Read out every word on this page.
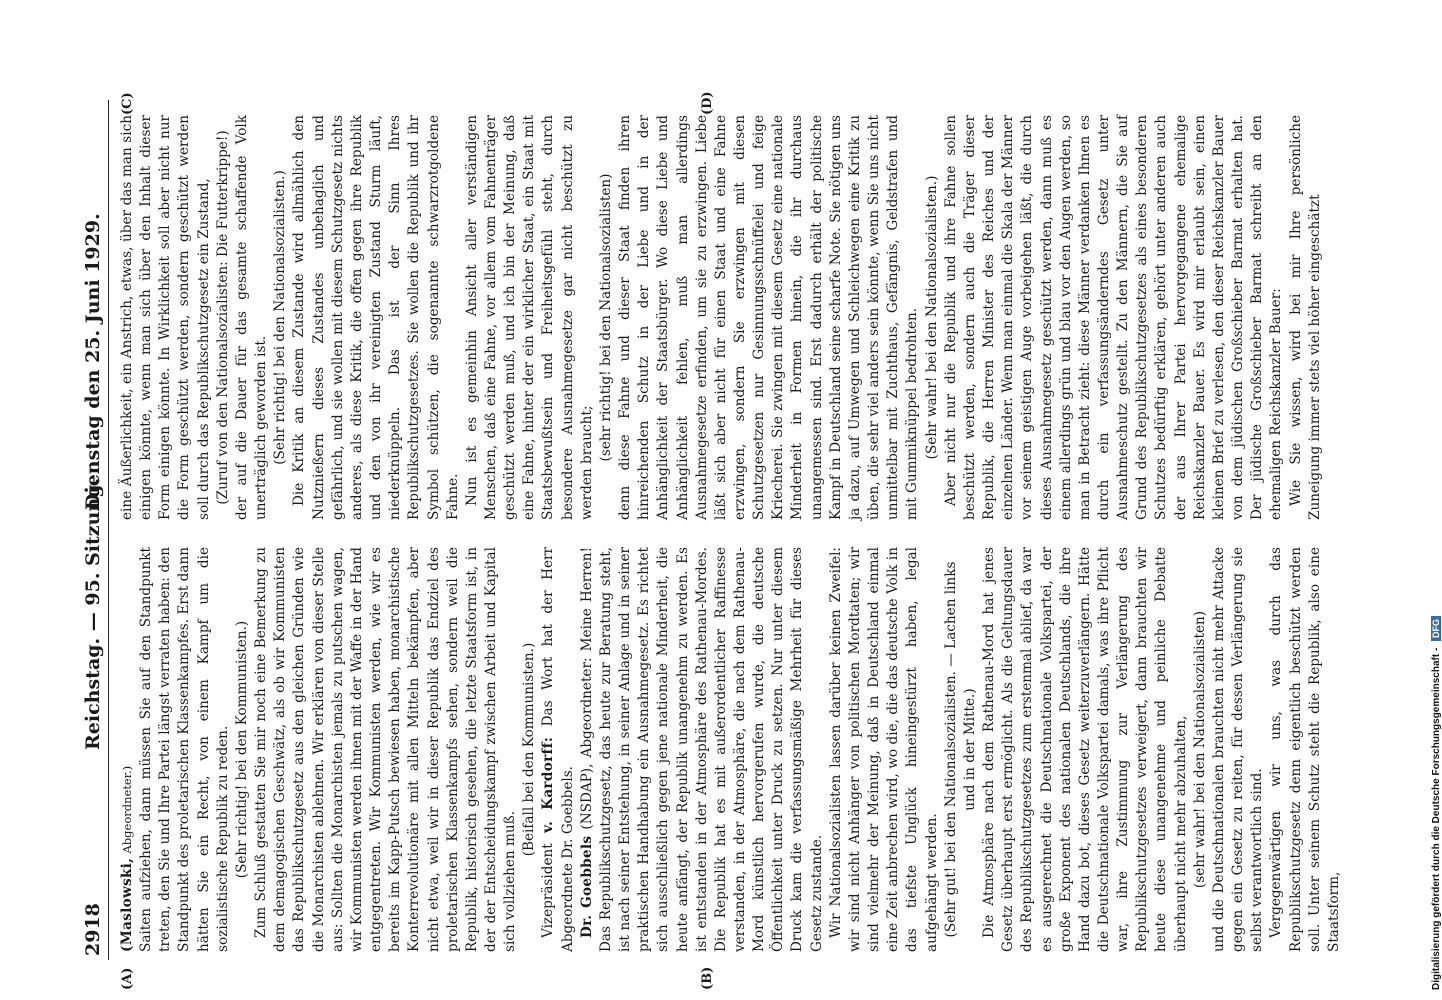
2918
Reichstag. — 95. Sitzung.
Dienstag den 25. Juni 1929.
(A)	(B)
(C)	(D)

(Maslowski, Abgeordneter.) Saiten aufziehen, dann müssen Sie auf den Standpunkt treten, den Sie und Ihre Partei längst verraten haben: den Standpunkt des proletarischen Klassenkampfes. Erst dann hätten Sie ein Recht, von einem Kampf um die sozialistische Republik zu reden. (Sehr richtig! bei den Kommunisten.) Zum Schluß gestatten Sie mir noch eine Bemerkung zu dem demagogischen Geschwätz, als ob wir Kommunisten das Republikschutzgesetz aus den gleichen Gründen wie die Monarchisten ablehnen. Wir erklären von dieser Stelle aus: Sollten die Monarchisten jemals zu putschen wagen, wir Kommunisten werden ihnen mit der Waffe in der Hand entgegentreten. Wir Kommunisten werden, wie wir es bereits im Kapp-Putsch bewiesen haben, monarchistische Konterrevolutionäre mit allen Mitteln bekämpfen, aber nicht etwa, weil wir in dieser Republik das Endziel des proletarischen Klassenkampfs sehen, sondern weil die Republik, historisch gesehen, die letzte Staatsform ist, in der der Entscheidungskampf zwischen Arbeit und Kapital sich vollziehen muß.

(Beifall bei den Kommunisten.)

Vizepräsident v. Kardorff: Das Wort hat der Herr Abgeordnete Dr. Goebbels. Dr. Goebbels (NSDAP), Abgeordneter: Meine Herren! Das Republikschutzgesetz, das heute zur Beratung steht, ist nach seiner Entstehung, in seiner Anlage und in seiner praktischen Handhabung ein Ausnahmegesetz. Es richtet sich ausschließlich gegen jene nationale Minderheit, die heute anfängt, der Republik unangenehm zu werden. Es ist entstanden in der Atmosphäre des Rathenau-Mordes. Die Republik hat es mit außerordentlicher Raffinesse verstanden, in der Atmosphäre, die nach dem Rathenau-Mord künstlich hervorgerufen wurde, die deutsche Öffentlichkeit unter Druck zu setzen. Nur unter diesem Druck kam die verfassungsmäßige Mehrheit für dieses Gesetz zustande. Wir Nationalsozialisten lassen darüber keinen Zweifel: wir sind nicht Anhänger von politischen Mordtaten; wir sind vielmehr der Meinung, daß in Deutschland einmal eine Zeit anbrechen wird, wo die, die das deutsche Volk in das tiefste Unglück hineingestürzt haben, legal aufgehängt werden. (Sehr gut! bei den Nationalsozialisten. — Lachen links und in der Mitte.) Die Atmosphäre nach dem Rathenau-Mord hat jenes Gesetz überhaupt erst ermöglicht. Als die Geltungsdauer des Republikschutzgesetzes zum erstenmal ablief, da war es ausgerechnet die Deutschnationale Volkspartei, der große Exponent des nationalen Deutschlands, die ihre Hand dazu bot, dieses Gesetz weiterzuverlängern. Hätte die Deutschnationale Volkspartei damals, was ihre Pflicht war, ihre Zustimmung zur Verlängerung des Republikschutzgesetzes verweigert, dann brauchten wir heute diese unangenehme und peinliche Debatte überhaupt nicht mehr abzuhalten, (sehr wahr! bei den Nationalsozialisten) und die Deutschnationalen brauchten nicht mehr Attacke gegen ein Gesetz zu reiten, für dessen Verlängerung sie selbst verantwortlich sind. Vergegenwärtigen wir uns, was durch das Republikschutzgesetz denn eigentlich beschützt werden soll. Unter seinem Schutz steht die Republik, also eine Staatsform,

eine Äußerlichkeit, ein Anstrich, etwas, über das man sich einigen könnte, wenn man sich über den Inhalt dieser Form einigen könnte. In Wirklichkeit soll aber nicht nur die Form geschützt werden, sondern geschützt werden soll durch das Republikschutzgesetz ein Zustand, (Zuruf von den Nationalsozialisten: Die Futterkrippe!) der auf die Dauer für das gesamte schaffende Volk unerträglich geworden ist. (Sehr richtig! bei den Nationalsozialisten.) Die Kritik an diesem Zustande wird allmählich den Nutznießern dieses Zustandes unbehaglich und gefährlich, und sie wollen mit diesem Schutzgesetz nichts anderes, als diese Kritik, die offen gegen ihre Republik und den von ihr vereinigten Zustand Sturm läuft, niederknüppeln. Das ist der Sinn Ihres Republikschutzgesetzes. Sie wollen die Republik und ihr Symbol schützen, die sogenannte schwarzrotgoldene Fahne. Nun ist es gemeinhin Ansicht aller verständigen Menschen, daß eine Fahne, vor allem vom Fahnenträger geschützt werden muß, und ich bin der Meinung, daß eine Fahne, hinter der ein wirklicher Staat, ein Staat mit Staatsbewußtsein und Freiheitsgefühl steht, durch besondere Ausnahmegesetze gar nicht beschützt zu werden braucht;

(sehr richtig! bei den Nationalsozialisten) denn diese Fahne und dieser Staat finden ihren hinreichenden Schutz in der Liebe und in der Anhänglichkeit der Staatsbürger. Wo diese Liebe und Anhänglichkeit fehlen, muß man allerdings Ausnahmegesetze erfinden, um sie zu erzwingen. Liebe läßt sich aber nicht für einen Staat und eine Fahne erzwingen, sondern Sie erzwingen mit diesen Schutzgesetzen nur Gesinnungsschnüffelei und feige Kriecherei. Sie zwingen mit diesem Gesetz eine nationale Minderheit in Formen hinein, die ihr durchaus unangemessen sind. Erst dadurch erhält der politische Kampf in Deutschland seine scharfe Note. Sie nötigen uns ja dazu, auf Umwegen und Schleichwegen eine Kritik zu üben, die sehr viel anders sein könnte, wenn Sie uns nicht unmittelbar mit Zuchthaus, Gefängnis, Geldstrafen und mit Gummiknüppel bedrohten. (Sehr wahr! bei den Nationalsozialisten.) Aber nicht nur die Republik und ihre Fahne sollen beschützt werden, sondern auch die Träger dieser Republik, die Herren Minister des Reiches und der einzelnen Länder. Wenn man einmal die Skala der Männer vor seinem geistigen Auge vorbeigehen läßt, die durch dieses Ausnahmegesetz geschützt werden, dann muß es einem allerdings grün und blau vor den Augen werden, so man in Betracht zieht: diese Männer verdanken Ihnen es durch ein verfassungsänderndes Gesetz unter Ausnahmeschutz gestellt. Zu den Männern, die Sie auf Grund des Republikschutzgesetzes als eines besonderen Schutzes bedürftig erklären, gehört unter anderen auch der aus Ihrer Partei hervorgegangene ehemalige Reichskanzler Bauer. Es wird mir erlaubt sein, einen kleinen Brief zu verlesen, den dieser Reichskanzler Bauer von dem jüdischen Großschieber Barmat erhalten hat. Der jüdische Großschieber Barmat schreibt an den ehemaligen Reichskanzler Bauer: Wie Sie wissen, wird bei mir Ihre persönliche Zuneigung immer stets viel höher eingeschätzt

Digitalisierung gefördert durch die Deutsche Forschungsgemeinschaft - DFG
